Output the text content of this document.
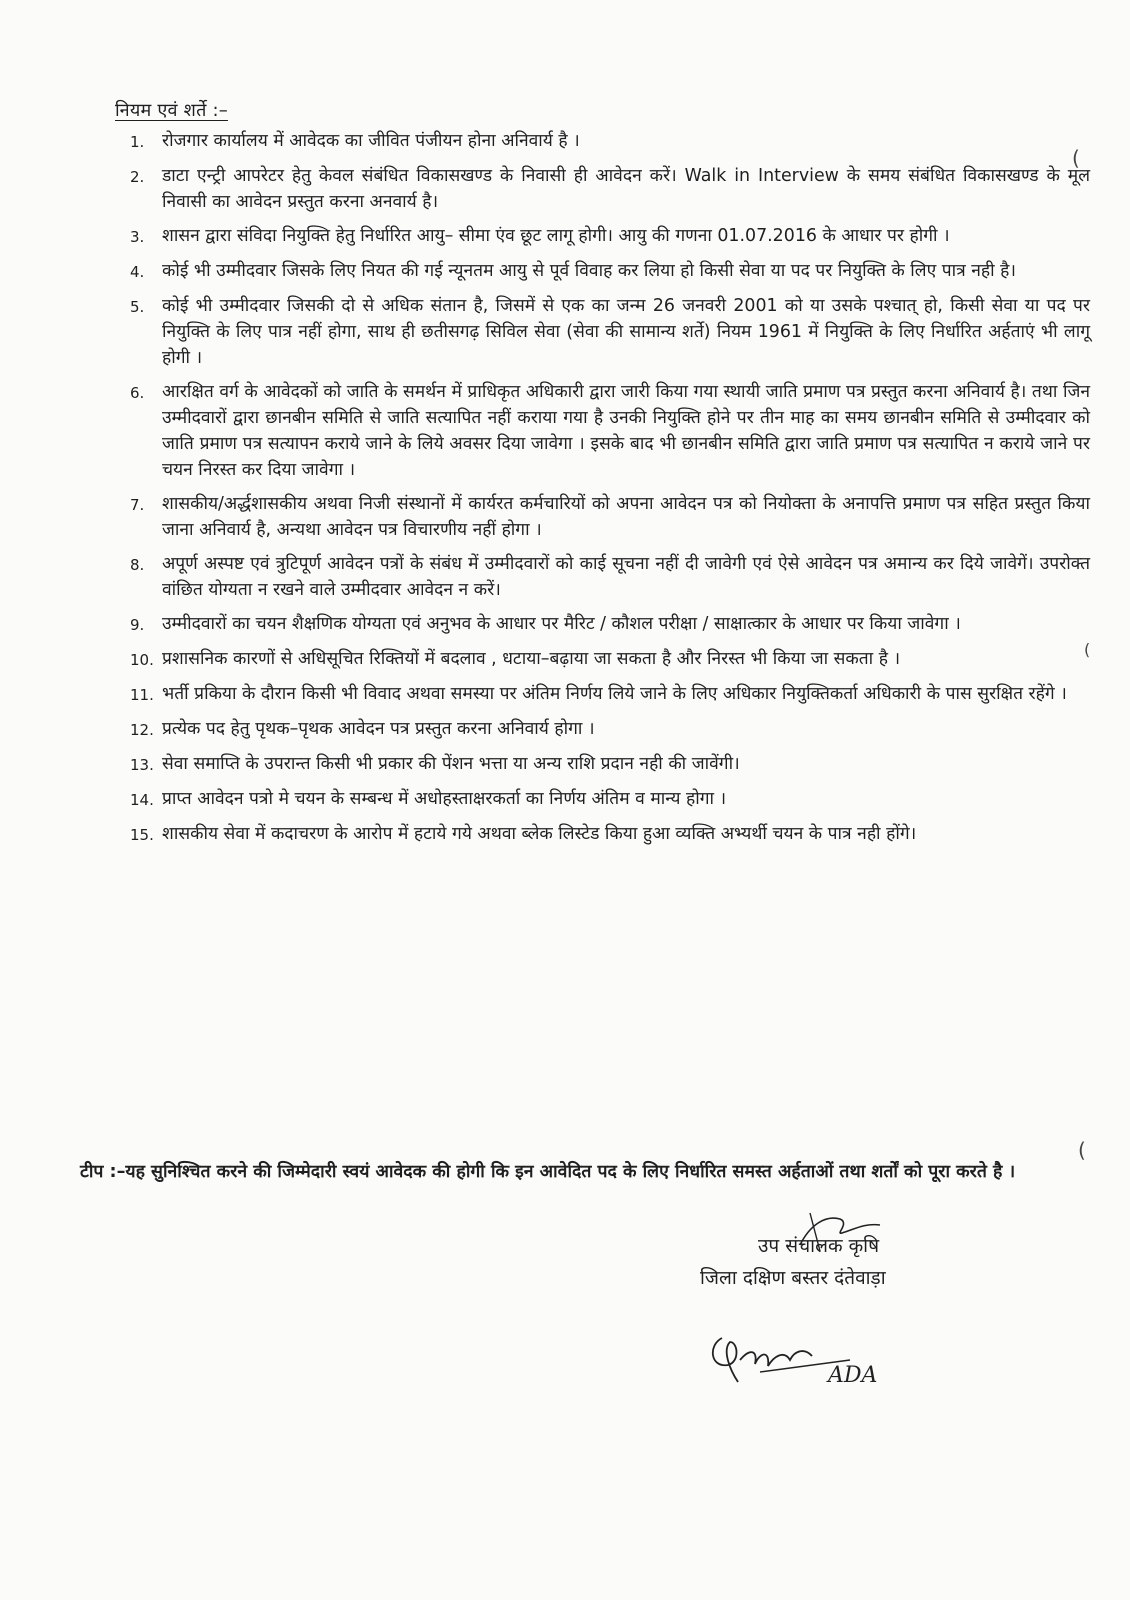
नियम एवं शर्ते :–
1.	रोजगार कार्यालय में आवेदक का जीवित पंजीयन होना अनिवार्य है ।
2.	डाटा एन्ट्री आपरेटर हेतु केवल संबंधित विकासखण्ड के निवासी ही आवेदन करें। Walk in Interview के समय संबंधित विकासखण्ड के मूल निवासी का आवेदन प्रस्तुत करना अनवार्य है।
3.	शासन द्वारा संविदा नियुक्ति हेतु निर्धारित आयु– सीमा एंव छूट लागू होगी। आयु की गणना 01.07.2016 के आधार पर होगी ।
4.	कोई भी उम्मीदवार जिसके लिए नियत की गई न्यूनतम आयु से पूर्व विवाह कर लिया हो किसी सेवा या पद पर नियुक्ति के लिए पात्र नही है।
5.	कोई भी उम्मीदवार जिसकी दो से अधिक संतान है, जिसमें से एक का जन्म 26 जनवरी 2001 को या उसके पश्चात् हो, किसी सेवा या पद पर नियुक्ति के लिए पात्र नहीं होगा, साथ ही छतीसगढ़ सिविल सेवा (सेवा की सामान्य शर्ते) नियम 1961 में नियुक्ति के लिए निर्धारित अर्हताएं भी लागू होगी ।
6.	आरक्षित वर्ग के आवेदकों को जाति के समर्थन में प्राधिकृत अधिकारी द्वारा जारी किया गया स्थायी जाति प्रमाण पत्र प्रस्तुत करना अनिवार्य है। तथा जिन उम्मीदवारों द्वारा छानबीन समिति से जाति सत्यापित नहीं कराया गया है उनकी नियुक्ति होने पर तीन माह का समय छानबीन समिति से उम्मीदवार को जाति प्रमाण पत्र सत्यापन कराये जाने के लिये अवसर दिया जावेगा । इसके बाद भी छानबीन समिति द्वारा जाति प्रमाण पत्र सत्यापित न कराये जाने पर चयन निरस्त कर दिया जावेगा ।
7.	शासकीय/अर्द्धशासकीय अथवा निजी संस्थानों में कार्यरत कर्मचारियों को अपना आवेदन पत्र को नियोक्ता के अनापत्ति प्रमाण पत्र सहित प्रस्तुत किया जाना अनिवार्य है, अन्यथा आवेदन पत्र विचारणीय नहीं होगा ।
8.	अपूर्ण अस्पष्ट एवं त्रुटिपूर्ण आवेदन पत्रों के संबंध में उम्मीदवारों को काई सूचना नहीं दी जावेगी एवं ऐसे आवेदन पत्र अमान्य कर दिये जावेगें। उपरोक्त वांछित योग्यता न रखने वाले उम्मीदवार आवेदन न करें।
9.	उम्मीदवारों का चयन शैक्षणिक योग्यता एवं अनुभव के आधार पर मैरिट / कौशल परीक्षा / साक्षात्कार के आधार पर किया जावेगा ।
10. प्रशासनिक कारणों से अधिसूचित रिक्तियों में बदलाव , धटाया–बढ़ाया जा सकता है और निरस्त भी किया जा सकता है ।
11. भर्ती प्रकिया के दौरान किसी भी विवाद अथवा समस्या पर अंतिम निर्णय लिये जाने के लिए अधिकार नियुक्तिकर्ता अधिकारी के पास सुरक्षित रहेंगे ।
12. प्रत्येक पद हेतु पृथक–पृथक आवेदन पत्र प्रस्तुत करना अनिवार्य होगा ।
13. सेवा समाप्ति के उपरान्त किसी भी प्रकार की पेंशन भत्ता या अन्य राशि प्रदान नही की जावेंगी।
14. प्राप्त आवेदन पत्रो मे चयन के सम्बन्ध में अधोहस्ताक्षरकर्ता का निर्णय अंतिम व मान्य होगा ।
15. शासकीय सेवा में कदाचरण के आरोप में हटाये गये अथवा ब्लेक लिस्टेड किया हुआ व्यक्ति अभ्यर्थी चयन के पात्र नही होंगे।
टीप :–यह सुनिश्चित करने की जिम्मेदारी स्वयं आवेदक की होगी कि इन आवेदित पद के लिए निर्धारित समस्त अर्हताओं तथा शर्तों को पूरा करते है ।
(
(
(
उप संचालक कृषि
जिला दक्षिण बस्तर दंतेवाड़ा
ADA
